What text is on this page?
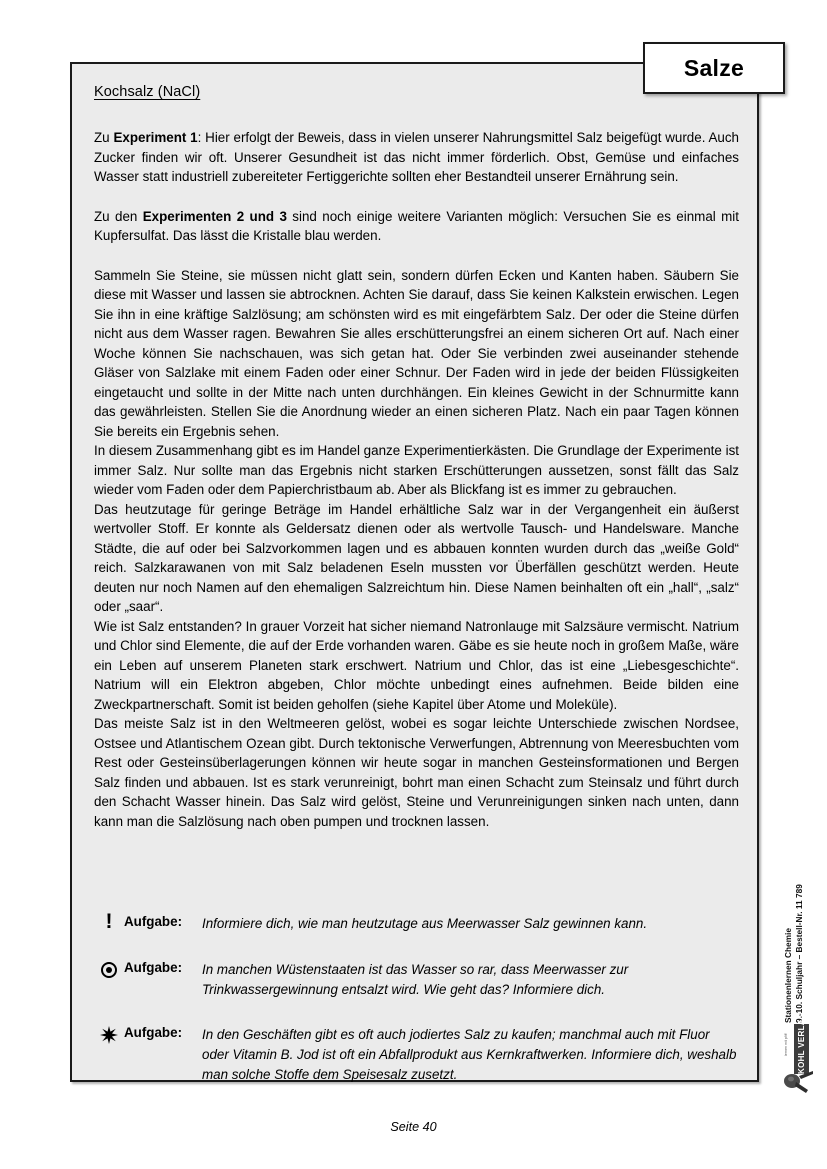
Kochsalz (NaCl)

Zu Experiment 1: Hier erfolgt der Beweis, dass in vielen unserer Nahrungsmittel Salz beigefügt wurde. Auch Zucker finden wir oft. Unserer Gesundheit ist das nicht immer förderlich. Obst, Gemüse und einfaches Wasser statt industriell zubereiteter Fertiggerichte sollten eher Bestandteil unserer Ernährung sein.

Zu den Experimenten 2 und 3 sind noch einige weitere Varianten möglich: Versuchen Sie es einmal mit Kupfersulfat. Das lässt die Kristalle blau werden.

Sammeln Sie Steine, sie müssen nicht glatt sein, sondern dürfen Ecken und Kanten haben. Säubern Sie diese mit Wasser und lassen sie abtrocknen. Achten Sie darauf, dass Sie keinen Kalkstein erwischen. Legen Sie ihn in eine kräftige Salzlösung; am schönsten wird es mit eingefärbtem Salz. Der oder die Steine dürfen nicht aus dem Wasser ragen. Bewahren Sie alles erschütterungsfrei an einem sicheren Ort auf. Nach einer Woche können Sie nachschauen, was sich getan hat. Oder Sie verbinden zwei auseinander stehende Gläser von Salzlake mit einem Faden oder einer Schnur. Der Faden wird in jede der beiden Flüssigkeiten eingetaucht und sollte in der Mitte nach unten durchhängen. Ein kleines Gewicht in der Schnurmitte kann das gewährleisten. Stellen Sie die Anordnung wieder an einen sicheren Platz. Nach ein paar Tagen können Sie bereits ein Ergebnis sehen.

In diesem Zusammenhang gibt es im Handel ganze Experimentierkästen. Die Grundlage der Experimente ist immer Salz. Nur sollte man das Ergebnis nicht starken Erschütterungen aussetzen, sonst fällt das Salz wieder vom Faden oder dem Papierchristbaum ab. Aber als Blickfang ist es immer zu gebrauchen.

Das heutzutage für geringe Beträge im Handel erhältliche Salz war in der Vergangenheit ein äußerst wertvoller Stoff. Er konnte als Geldersatz dienen oder als wertvolle Tausch- und Handelsware. Manche Städte, die auf oder bei Salzvorkommen lagen und es abbauen konnten wurden durch das „weiße Gold“ reich. Salzkarawanen von mit Salz beladenen Eseln mussten vor Überfällen geschützt werden. Heute deuten nur noch Namen auf den ehemaligen Salzreichtum hin. Diese Namen beinhalten oft ein „hall“, „salz“ oder „saar“.

Wie ist Salz entstanden? In grauer Vorzeit hat sicher niemand Natronlauge mit Salzsäure vermischt. Natrium und Chlor sind Elemente, die auf der Erde vorhanden waren. Gäbe es sie heute noch in großem Maße, wäre ein Leben auf unserem Planeten stark erschwert. Natrium und Chlor, das ist eine „Liebesgeschichte“. Natrium will ein Elektron abgeben, Chlor möchte unbedingt eines aufnehmen. Beide bilden eine Zweckpartnerschaft. Somit ist beiden geholfen (siehe Kapitel über Atome und Moleküle).

Das meiste Salz ist in den Weltmeeren gelöst, wobei es sogar leichte Unterschiede zwischen Nordsee, Ostsee und Atlantischem Ozean gibt. Durch tektonische Verwerfungen, Abtrennung von Meeresbuchten vom Rest oder Gesteinsüberlagerungen können wir heute sogar in manchen Gesteinsformationen und Bergen Salz finden und abbauen. Ist es stark verunreinigt, bohrt man einen Schacht zum Steinsalz und führt durch den Schacht Wasser hinein. Das Salz wird gelöst, Steine und Verunreinigungen sinken nach unten, dann kann man die Salzlösung nach oben pumpen und trocknen lassen.

! Aufgabe:	Informiere dich, wie man heutzutage aus Meerwasser Salz gewinnen kann.
Aufgabe:	In manchen Wüstenstaaten ist das Wasser so rar, dass Meerwasser zur Trinkwassergewinnung entsalzt wird. Wie geht das? Informiere dich.
Aufgabe:	In den Geschäften gibt es oft auch jodiertes Salz zu kaufen; manchmal auch mit Fluor oder Vitamin B. Jod ist oft ein Abfallprodukt aus Kernkraftwerken. Informiere dich, weshalb man solche Stoffe dem Speisesalz zusetzt.
Salze
Stationenlernen Chemie 9.-10. Schuljahr – Bestell-Nr. 11 789
lernen mit pfiff	KOHL VERLAG
Seite 40
